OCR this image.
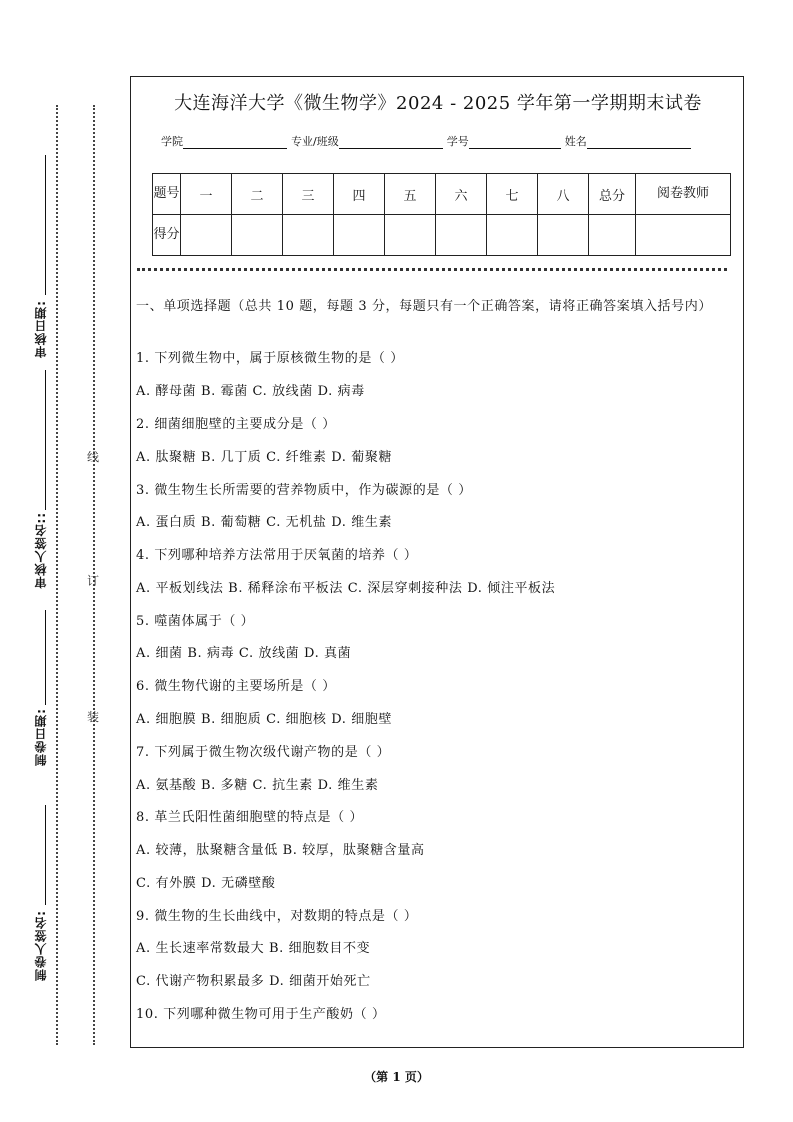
审核日期:
审核人签名::
制卷日期:
制卷人签名:
线
订
装
大连海洋大学《微生物学》2024 - 2025 学年第一学期期末试卷
学院	专业/班级	学号	姓名
题号	一	二	三	四	五	六	七	八	总分	阅卷教师
得分										
一、单项选择题（总共 10 题，每题 3 分，每题只有一个正确答案，请将正确答案填入括号内）
1. 下列微生物中，属于原核微生物的是（ ）
A. 酵母菌 B. 霉菌 C. 放线菌 D. 病毒
2. 细菌细胞壁的主要成分是（ ）
A. 肽聚糖 B. 几丁质 C. 纤维素 D. 葡聚糖
3. 微生物生长所需要的营养物质中，作为碳源的是（ ）
A. 蛋白质 B. 葡萄糖 C. 无机盐 D. 维生素
4. 下列哪种培养方法常用于厌氧菌的培养（ ）
A. 平板划线法 B. 稀释涂布平板法 C. 深层穿刺接种法 D. 倾注平板法
5. 噬菌体属于（ ）
A. 细菌 B. 病毒 C. 放线菌 D. 真菌
6. 微生物代谢的主要场所是（ ）
A. 细胞膜 B. 细胞质 C. 细胞核 D. 细胞壁
7. 下列属于微生物次级代谢产物的是（ ）
A. 氨基酸 B. 多糖 C. 抗生素 D. 维生素
8. 革兰氏阳性菌细胞壁的特点是（ ）
A. 较薄，肽聚糖含量低 B. 较厚，肽聚糖含量高
C. 有外膜 D. 无磷壁酸
9. 微生物的生长曲线中，对数期的特点是（ ）
A. 生长速率常数最大 B. 细胞数目不变
C. 代谢产物积累最多 D. 细菌开始死亡
10. 下列哪种微生物可用于生产酸奶（ ）
（第 1 页）
